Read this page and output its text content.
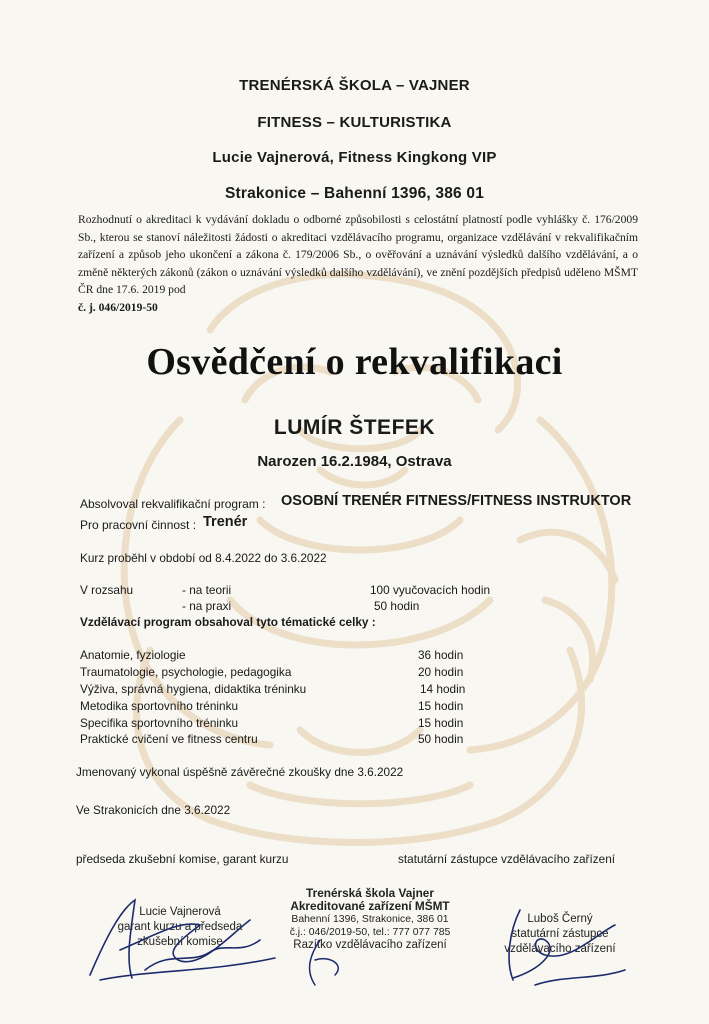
TRENÉRSKÁ ŠKOLA – VAJNER
FITNESS – KULTURISTIKA
Lucie Vajnerová, Fitness Kingkong VIP
Strakonice – Bahenní 1396, 386 01
Rozhodnutí o akreditaci k vydávání dokladu o odborné způsobilosti s celostátní platností podle vyhlášky č. 176/2009 Sb., kterou se stanoví náležitosti žádosti o akreditaci vzdělávacího programu, organizace vzdělávání v rekvalifikačním zařízení a způsob jeho ukončení a zákona č. 179/2006 Sb., o ověřování a uznávání výsledků dalšího vzdělávání, a o změně některých zákonů (zákon o uznávání výsledků dalšího vzdělávání), ve znění pozdějších předpisů uděleno MŠMT ČR dne 17.6. 2019 pod
č. j. 046/2019-50
Osvědčení o rekvalifikaci
LUMÍR ŠTEFEK
Narozen 16.2.1984, Ostrava
Absolvoval rekvalifikační program : OSOBNÍ TRENÉR FITNESS/FITNESS INSTRUKTOR
Pro pracovní činnost : Trenér
Kurz proběhl v období od 8.4.2022 do 3.6.2022
V rozsahu	- na teorii	100 vyučovacích hodin
- na praxi	50 hodin
Vzdělávací program obsahoval tyto tématické celky :
Anatomie, fyziologie	36 hodin
Traumatologie, psychologie, pedagogika	20 hodin
Výživa, správná hygiena, didaktika tréninku	14 hodin
Metodika sportovního tréninku	15 hodin
Specifika sportovního tréninku	15 hodin
Praktické cvičení ve fitness centru	50 hodin
Jmenovaný vykonal úspěšně závěrečné zkoušky dne 3.6.2022
Ve Strakonicích dne 3.6.2022
předseda zkušební komise, garant kurzu	statutární zástupce vzdělávacího zařízení
Lucie Vajnerová
garant kurzu a předseda
zkušební komise
Trenérská škola Vajner
Akreditované zařízení MŠMT
Bahenní 1396, Strakonice, 386 01
č.j.: 046/2019-50, tel.: 777 077 785
Razítko vzdělávacího zařízení
Luboš Černý
statutární zástupce
vzdělávacího zařízení
